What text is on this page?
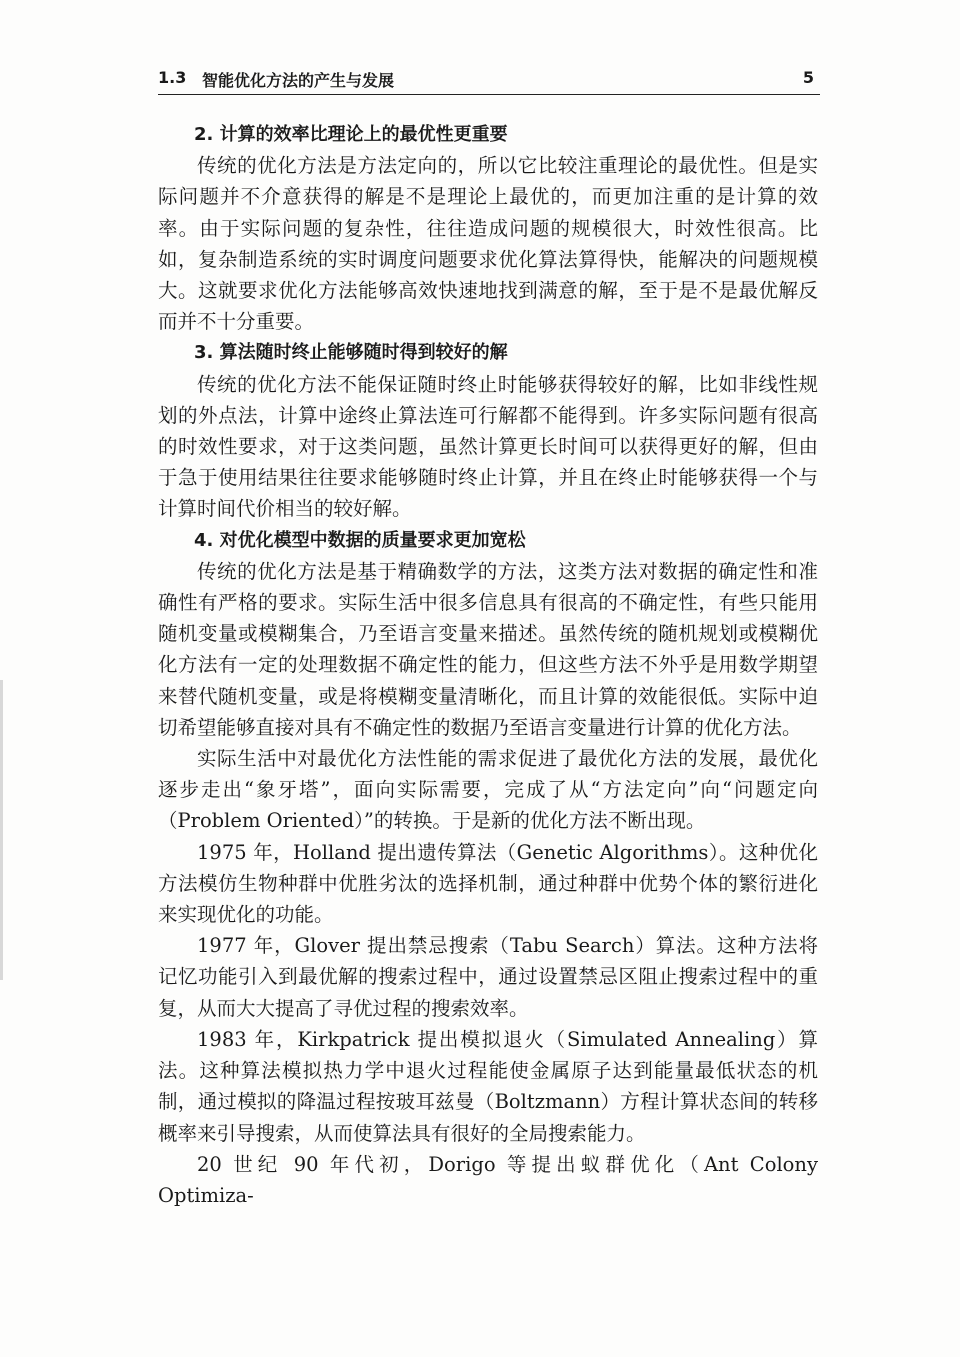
1.3 智能优化方法的产生与发展	5
2. 计算的效率比理论上的最优性更重要

传统的优化方法是方法定向的，所以它比较注重理论的最优性。但是实际问题并不介意获得的解是不是理论上最优的，而更加注重的是计算的效率。由于实际问题的复杂性，往往造成问题的规模很大，时效性很高。比如，复杂制造系统的实时调度问题要求优化算法算得快，能解决的问题规模大。这就要求优化方法能够高效快速地找到满意的解，至于是不是最优解反而并不十分重要。

3. 算法随时终止能够随时得到较好的解

传统的优化方法不能保证随时终止时能够获得较好的解，比如非线性规划的外点法，计算中途终止算法连可行解都不能得到。许多实际问题有很高的时效性要求，对于这类问题，虽然计算更长时间可以获得更好的解，但由于急于使用结果往往要求能够随时终止计算，并且在终止时能够获得一个与计算时间代价相当的较好解。

4. 对优化模型中数据的质量要求更加宽松

传统的优化方法是基于精确数学的方法，这类方法对数据的确定性和准确性有严格的要求。实际生活中很多信息具有很高的不确定性，有些只能用随机变量或模糊集合，乃至语言变量来描述。虽然传统的随机规划或模糊优化方法有一定的处理数据不确定性的能力，但这些方法不外乎是用数学期望来替代随机变量，或是将模糊变量清晰化，而且计算的效能很低。实际中迫切希望能够直接对具有不确定性的数据乃至语言变量进行计算的优化方法。

实际生活中对最优化方法性能的需求促进了最优化方法的发展，最优化逐步走出“象牙塔”，面向实际需要，完成了从“方法定向”向“问题定向（Problem Oriented）”的转换。于是新的优化方法不断出现。

1975 年，Holland 提出遗传算法（Genetic Algorithms）。这种优化方法模仿生物种群中优胜劣汰的选择机制，通过种群中优势个体的繁衍进化来实现优化的功能。

1977 年，Glover 提出禁忌搜索（Tabu Search）算法。这种方法将记忆功能引入到最优解的搜索过程中，通过设置禁忌区阻止搜索过程中的重复，从而大大提高了寻优过程的搜索效率。

1983 年，Kirkpatrick 提出模拟退火（Simulated Annealing）算法。这种算法模拟热力学中退火过程能使金属原子达到能量最低状态的机制，通过模拟的降温过程按玻耳兹曼（Boltzmann）方程计算状态间的转移概率来引导搜索，从而使算法具有很好的全局搜索能力。

20 世纪 90 年代初，Dorigo 等提出蚁群优化（Ant Colony Optimiza-
